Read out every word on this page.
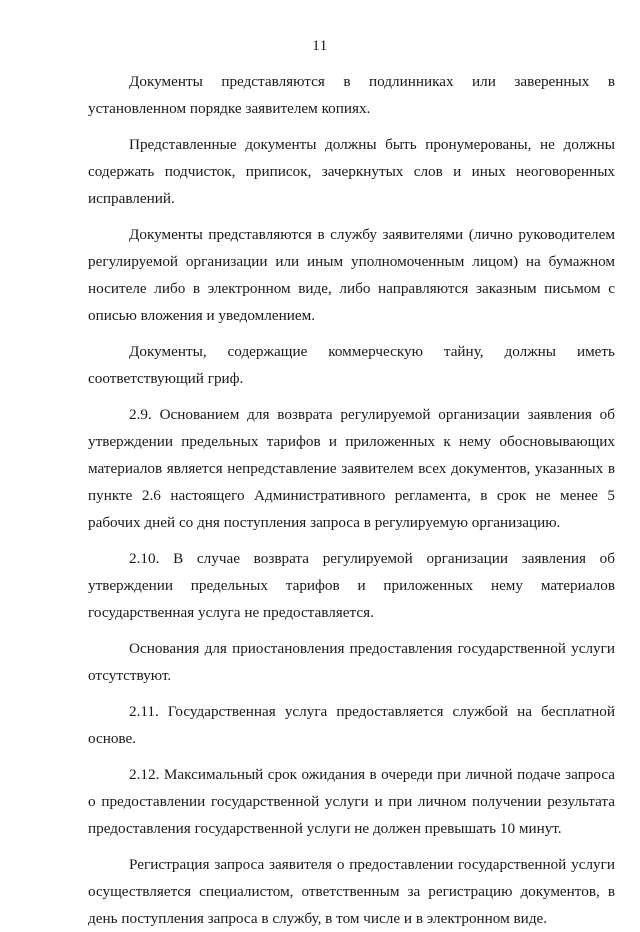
11

Документы представляются в подлинниках или заверенных в установленном порядке заявителем копиях.

Представленные документы должны быть пронумерованы, не должны содержать подчисток, приписок, зачеркнутых слов и иных неоговоренных исправлений.

Документы представляются в службу заявителями (лично руководителем регулируемой организации или иным уполномоченным лицом) на бумажном носителе либо в электронном виде, либо направляются заказным письмом с описью вложения и уведомлением.

Документы, содержащие коммерческую тайну, должны иметь соответствующий гриф.

2.9. Основанием для возврата регулируемой организации заявления об утверждении предельных тарифов и приложенных к нему обосновывающих материалов является непредставление заявителем всех документов, указанных в пункте 2.6 настоящего Административного регламента, в срок не менее 5 рабочих дней со дня поступления запроса в регулируемую организацию.

2.10. В случае возврата регулируемой организации заявления об утверждении предельных тарифов и приложенных нему материалов государственная услуга не предоставляется.

Основания для приостановления предоставления государственной услуги отсутствуют.

2.11. Государственная услуга предоставляется службой на бесплатной основе.

2.12. Максимальный срок ожидания в очереди при личной подаче запроса о предоставлении государственной услуги и при личном получении результата предоставления государственной услуги не должен превышать 10 минут.

Регистрация запроса заявителя о предоставлении государственной услуги осуществляется специалистом, ответственным за регистрацию документов, в день поступления запроса в службу, в том числе и в электронном виде.
